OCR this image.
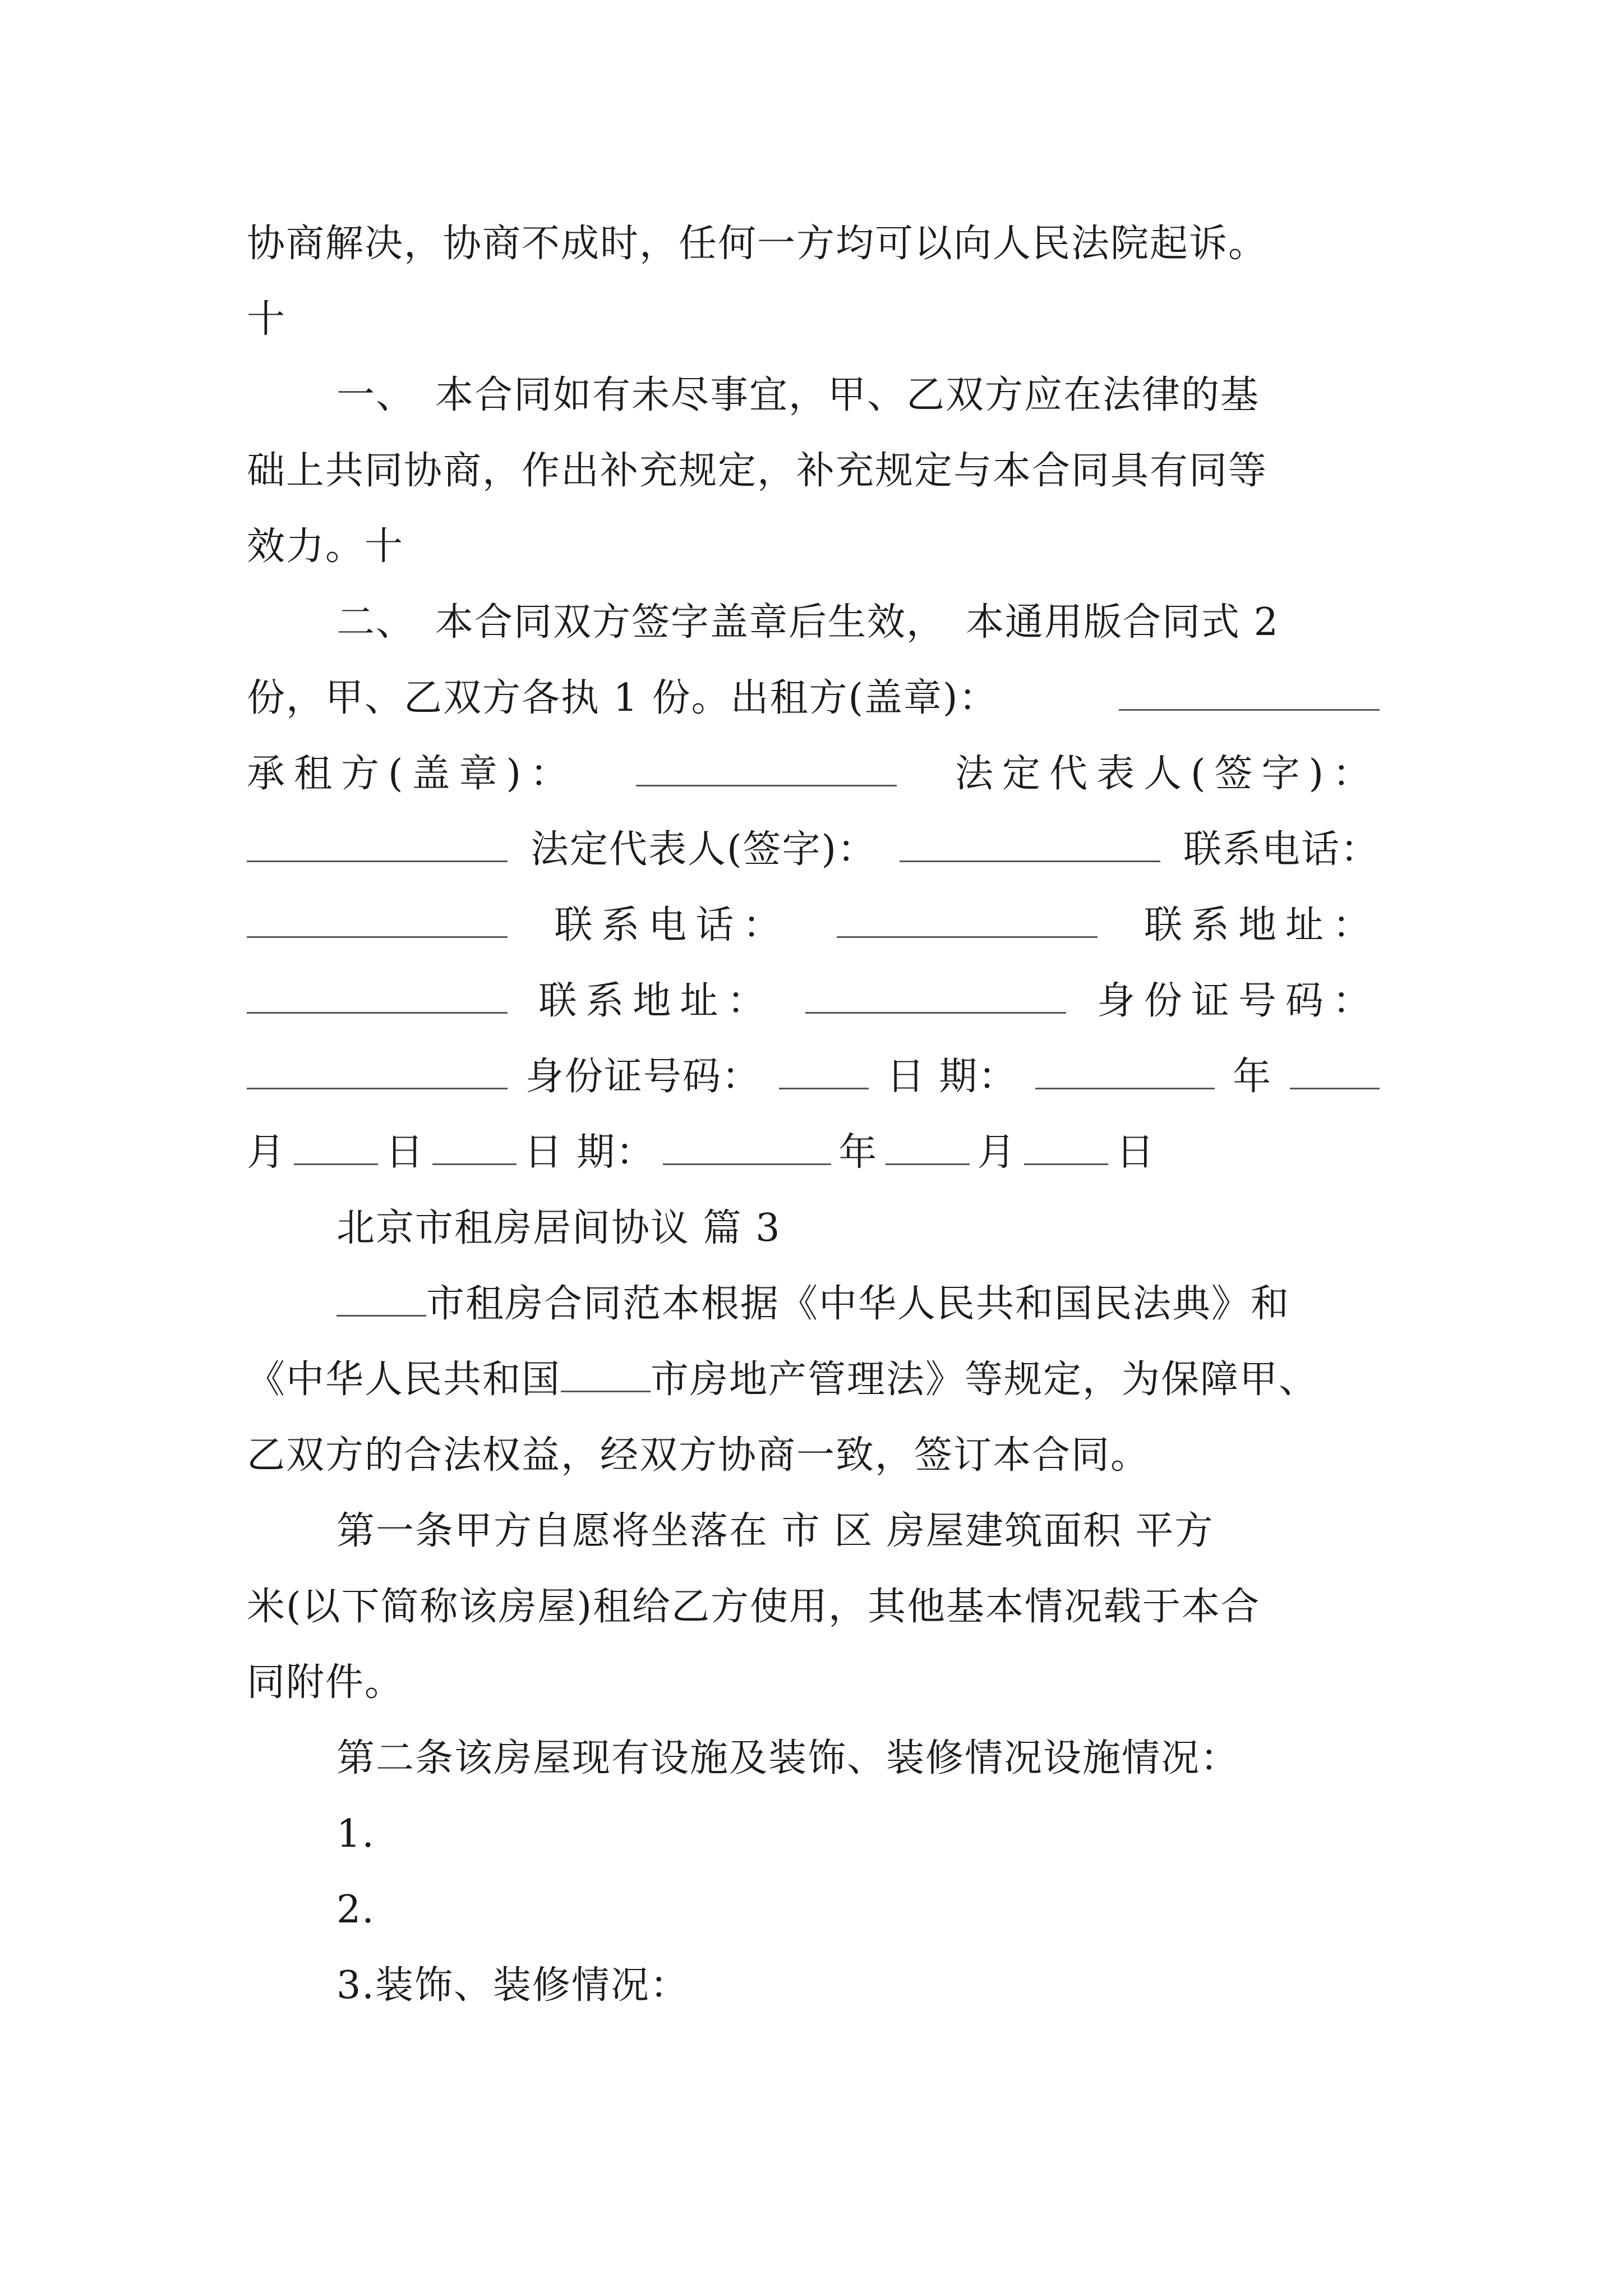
协商解决，协商不成时，任何一方均可以向人民法院起诉。
十
一、　本合同如有未尽事宜，甲、乙双方应在法律的基
础上共同协商，作出补充规定，补充规定与本合同具有同等
效力。十
二、　本合同双方签字盖章后生效，　本通用版合同式 2
份，甲、乙双方各执 1 份。出租方(盖章)：
承租方(盖章)：	法定代表人(签字)：
法定代表人(签字)：	联系电话：
联系电话：	联系地址：
联系地址：	身份证号码：
身份证号码：	日 期：	年
月	日	日 期：	年	月	日
北京市租房居间协议 篇 3
市租房合同范本根据《中华人民共和国民法典》和
《中华人民共和国 市房地产管理法》等规定，为保障甲、
乙双方的合法权益，经双方协商一致，签订本合同。
第一条甲方自愿将坐落在 市 区 房屋建筑面积 平方
米(以下简称该房屋)租给乙方使用，其他基本情况载于本合
同附件。
第二条该房屋现有设施及装饰、装修情况设施情况：
1.
2.
3.装饰、装修情况：
